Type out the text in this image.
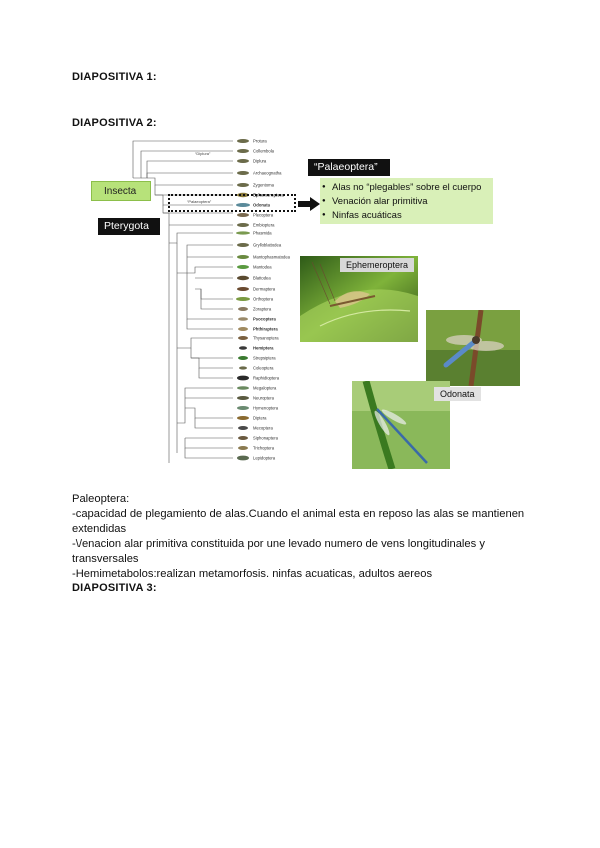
DIAPOSITIVA 1:
DIAPOSITIVA 2:
“Diplura”
“Palaeoptera”
Protura
Collembola
Diplura
Archaeognatha
Zygentoma
Ephemeroptera
Odonata
Plecoptera
Embioptera
Phasmida
Grylloblattodea
Mantophasmatodea
Mantodea
Blattodea
Dermaptera
Orthoptera
Zoraptera
Psocoptera
Phthiraptera
Thysanoptera
Hemiptera
Strepsiptera
Coleoptera
Raphidioptera
Megaloptera
Neuroptera
Hymenoptera
Diptera
Mecoptera
Siphonaptera
Trichoptera
Lepidoptera
Insecta
Pterygota
“Palaeoptera”
● Alas no “plegables” sobre el cuerpo
● Venación alar primitiva
● Ninfas acuáticas
Ephemeroptera
Odonata
Paleoptera:
-capacidad de plegamiento de alas.Cuando el animal esta en reposo las alas se mantienen
extendidas
-\/enacion alar primitiva constituida por une levado numero de vens longitudinales y
transversales
-Hemimetabolos:realizan metamorfosis. ninfas acuaticas, adultos aereos
DIAPOSITIVA 3:
